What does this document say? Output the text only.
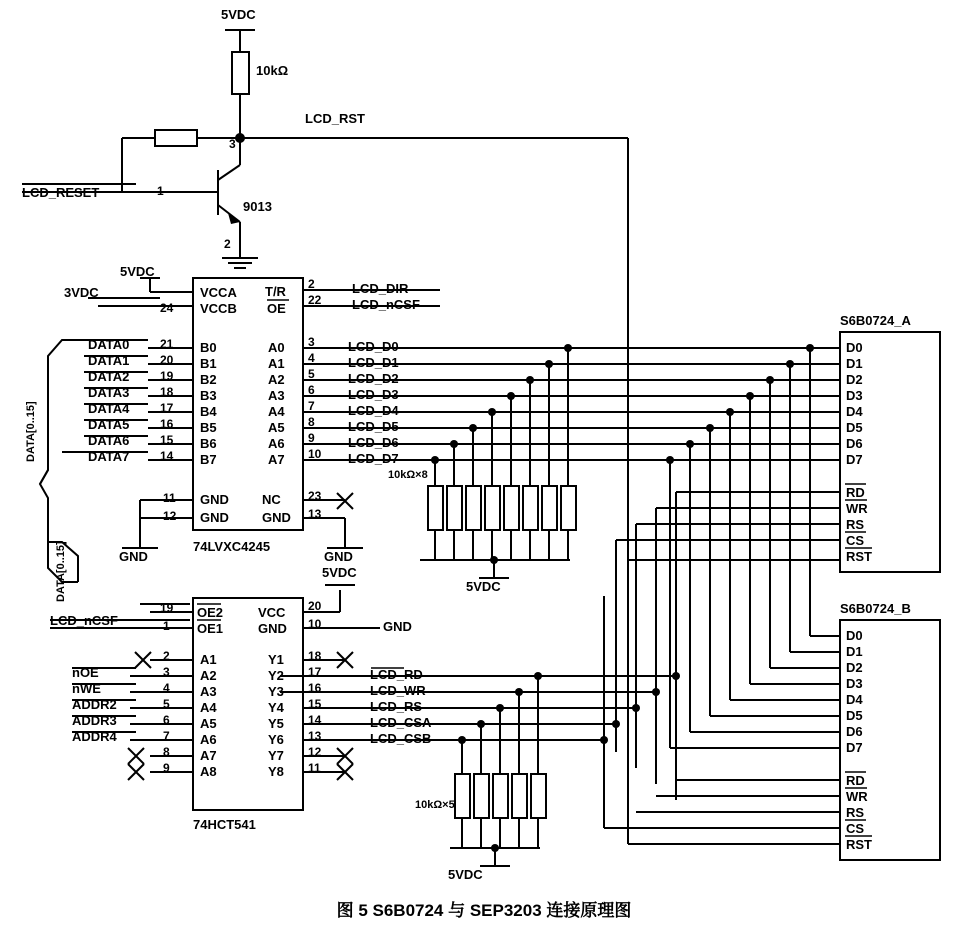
5VDC
10kΩ
3
LCD_RST
LCD_RESET	1
9013
2
5VDC
3VDC
24
VCCA
VCCB
T/R
OE
2
22
LCD_DIR
LCD_nCSF
DATA0
DATA1
DATA2
DATA3
DATA4
DATA5
DATA6
DATA7
21
20
19
18
17
16
15
14
B0
B1
B2
B3
B4
B5
B6
B7
A0
A1
A2
A3
A4
A5
A6
A7
3
4
5
6
7
8
9
10
LCD_D0
LCD_D1
LCD_D2
LCD_D3
LCD_D4
LCD_D5
LCD_D6
LCD_D7
11
12
GND
GND
NC
GND
23
13
GND	GND
74LVXC4245
10kΩ×8
5VDC
DATA[0..15]
DATA[0..15]
LCD_nCSF
19
1
OE2
OE1
VCC
GND
20
10	GND
5VDC
nOE
nWE
ADDR2
ADDR3
ADDR4
2
3
4
5
6
7
8
9
A1
A2
A3
A4
A5
A6
A7
A8
Y1
Y2
Y3
Y4
Y5
Y6
Y7
Y8
18
17
16
15
14
13
12
11
LCD_RD
LCD_WR
LCD_RS
LCD_CSA
LCD_CSB
74HCT541
10kΩ×5
5VDC
S6B0724_A
D0
D1
D2
D3
D4
D5
D6
D7
RD
WR
RS
CS
RST
S6B0724_B
D0
D1
D2
D3
D4
D5
D6
D7
RD
WR
RS
CS
RST
图 5 S6B0724 与 SEP3203 连接原理图
